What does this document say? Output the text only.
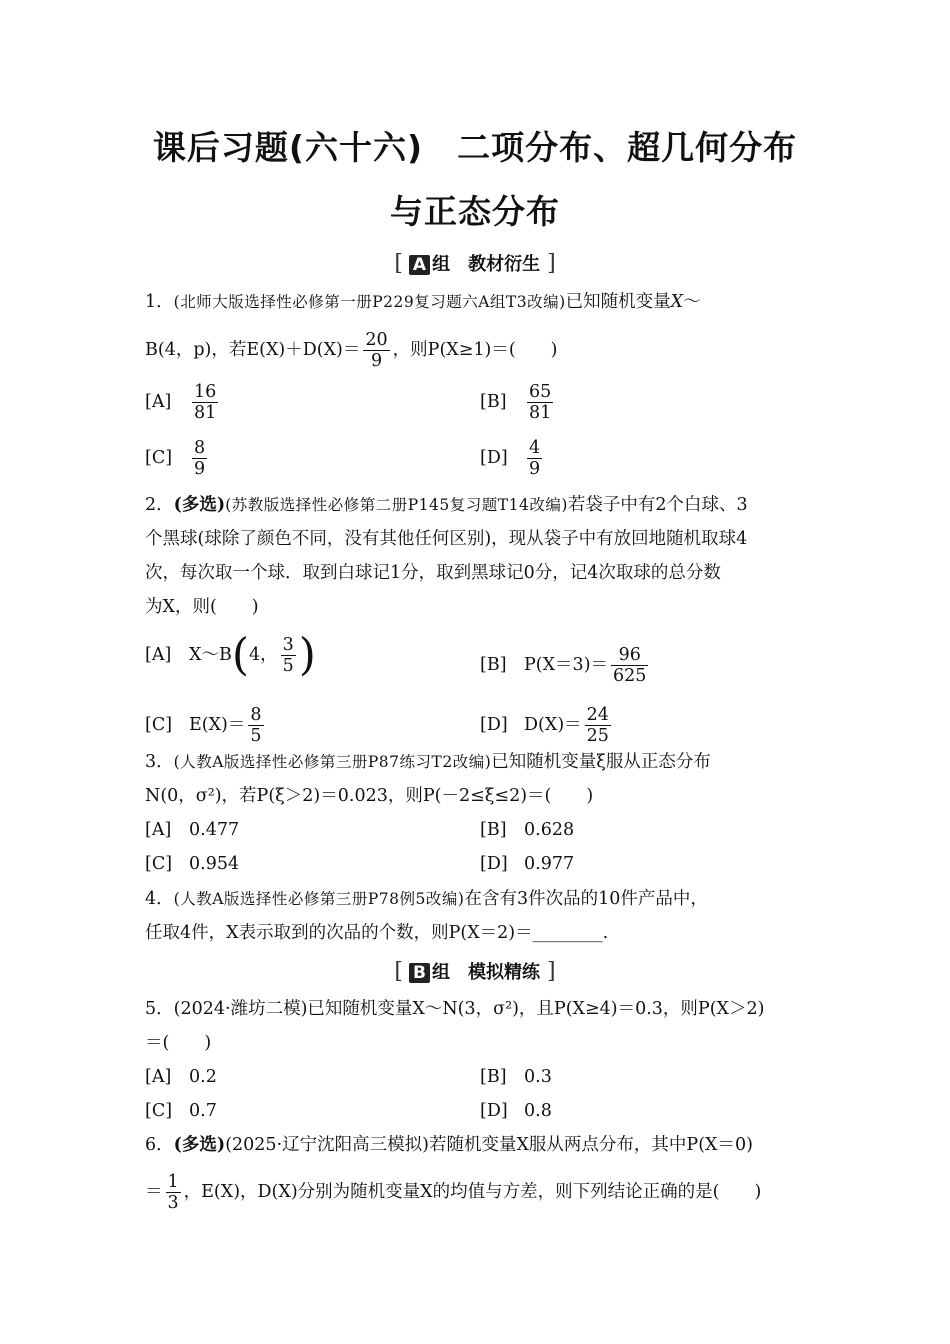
课后习题(六十六)　二项分布、超几何分布
与正态分布
[ A 组　教材衍生 ]
1．(北师大版选择性必修第一册P229复习题六A组T3改编)已知随机变量X～
B(4，p)，若$E(X)+D(X)= \frac{20}{9}$ ，则P(X≥1)＝(　　)
$[A] \frac{16}{81}$	$[B] \frac{65}{81}$
$[C] \frac{8}{9}$	$[D] \frac{4}{9}$
2．(多选)(苏教版选择性必修第二册P145复习题T14改编)若袋子中有2个白球、3
个黑球(球除了颜色不同，没有其他任何区别)，现从袋子中有放回地随机取球4
次，每次取一个球．取到白球记1分，取到黑球记0分，记4次取球的总分数
为X，则(　　)
[A] X～B(4， $\frac{3}{5}$ )	[B] $P(X=3)= \frac{96}{625}$
[C] $E(X)= \frac{8}{5}$	[D] $D(X)= \frac{24}{25}$
3．(人教A版选择性必修第三册P87练习T2改编)已知随机变量ξ服从正态分布
N(0，σ²)，若P(ξ＞2)＝0.023，则P(－2≤ξ≤2)＝(　　)
[A] 0.477	[B] 0.628
[C] 0.954	[D] 0.977
4．(人教A版选择性必修第三册P78例5改编)在含有3件次品的10件产品中，
任取4件，X表示取到的次品的个数，则P(X＝2)＝________.
[ B 组　模拟精练 ]
5．(2024·潍坊二模)已知随机变量X～N(3，σ²)，且P(X≥4)＝0.3，则P(X＞2)
＝(　　)
[A] 0.2	[B] 0.3
[C] 0.7	[D] 0.8
6．(多选)(2025·辽宁沈阳高三模拟)若随机变量X服从两点分布，其中P(X＝0)
＝ $\frac{1}{3}$ ，E(X)，D(X)分别为随机变量X的均值与方差，则下列结论正确的是(　　)
